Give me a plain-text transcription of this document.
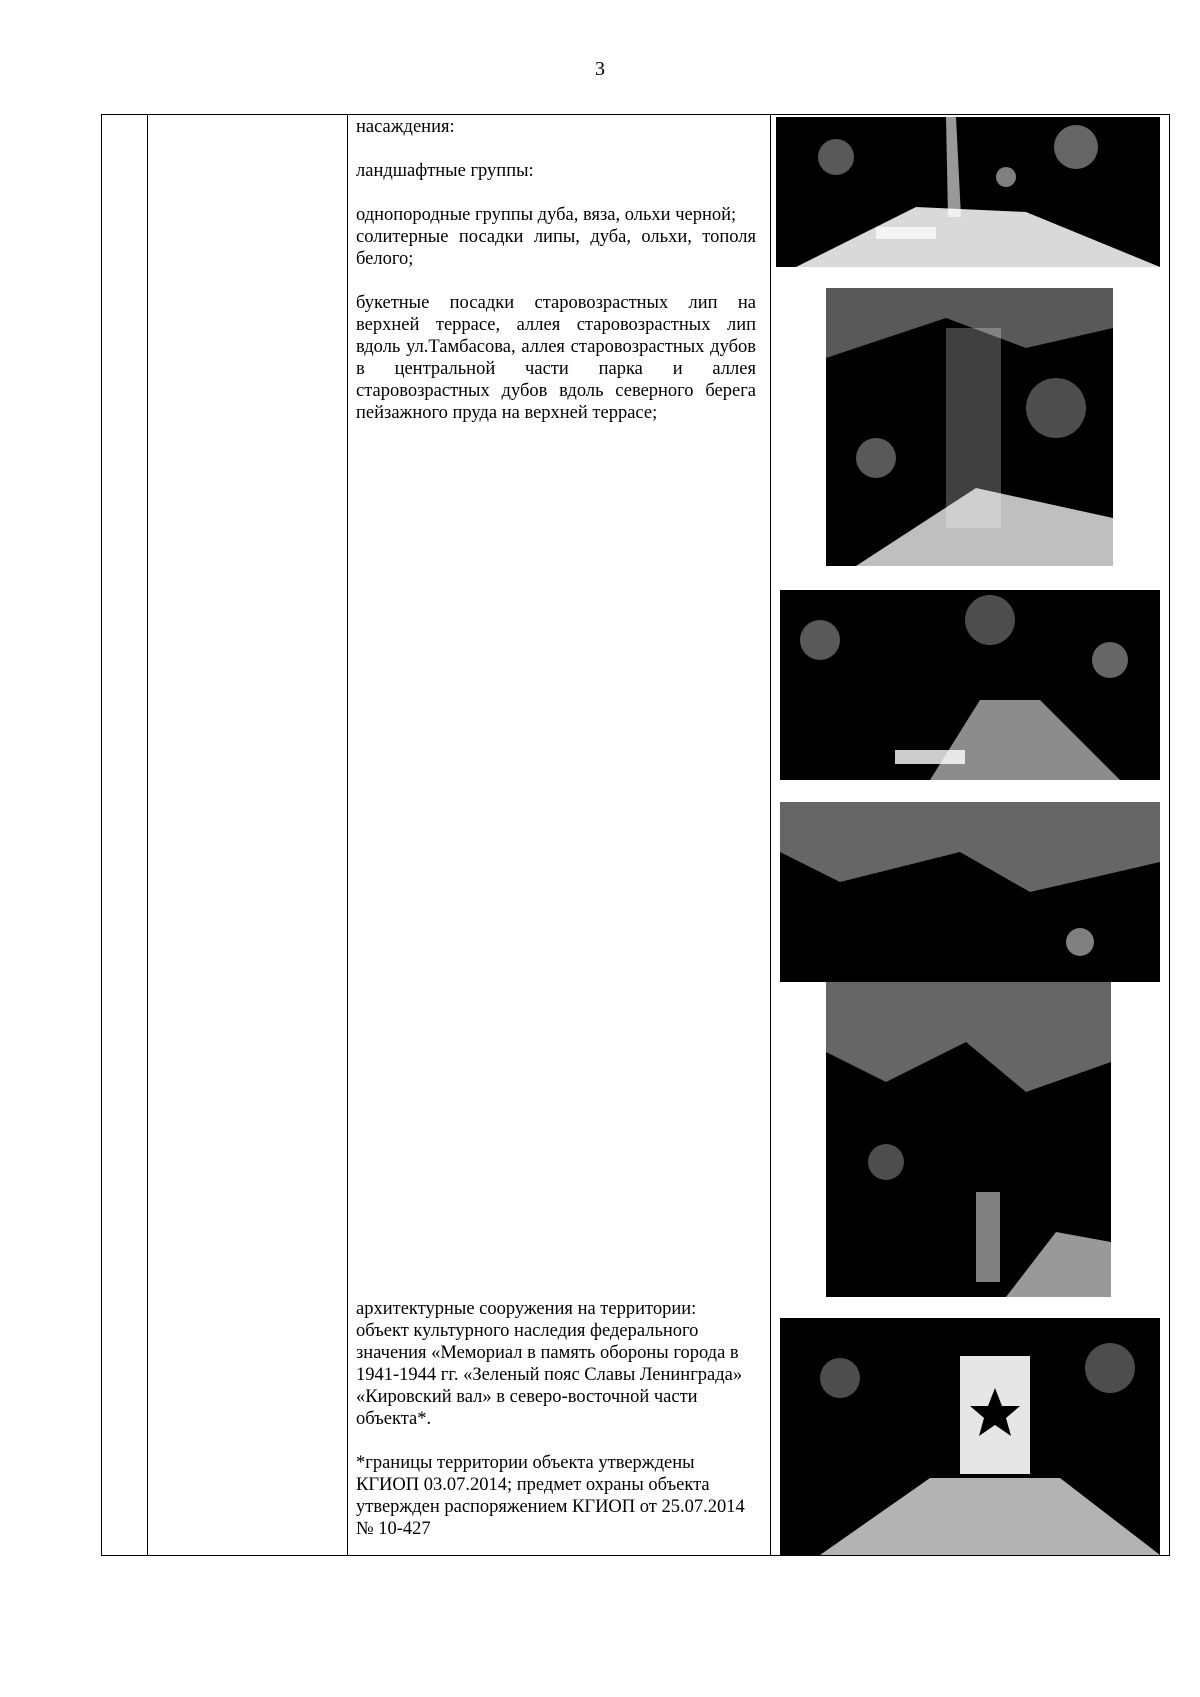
3

насаждения:

ландшафтные группы:

однопородные группы дуба, вяза, ольхи черной;

солитерные посадки липы, дуба, ольхи, тополя белого;

букетные посадки старовозрастных лип на верхней террасе, аллея старовозрастных лип вдоль ул.Тамбасова, аллея старовозрастных дубов в центральной части парка и аллея старовозрастных дубов вдоль северного берега пейзажного пруда на верхней террасе;

архитектурные сооружения на территории: объект культурного наследия федерального значения «Мемориал в память обороны города в 1941-1944 гг. «Зеленый пояс Славы Ленинграда» «Кировский вал» в северо-восточной части объекта*.

*границы территории объекта утверждены КГИОП 03.07.2014; предмет охраны объекта утвержден распоряжением КГИОП от 25.07.2014 № 10-427
